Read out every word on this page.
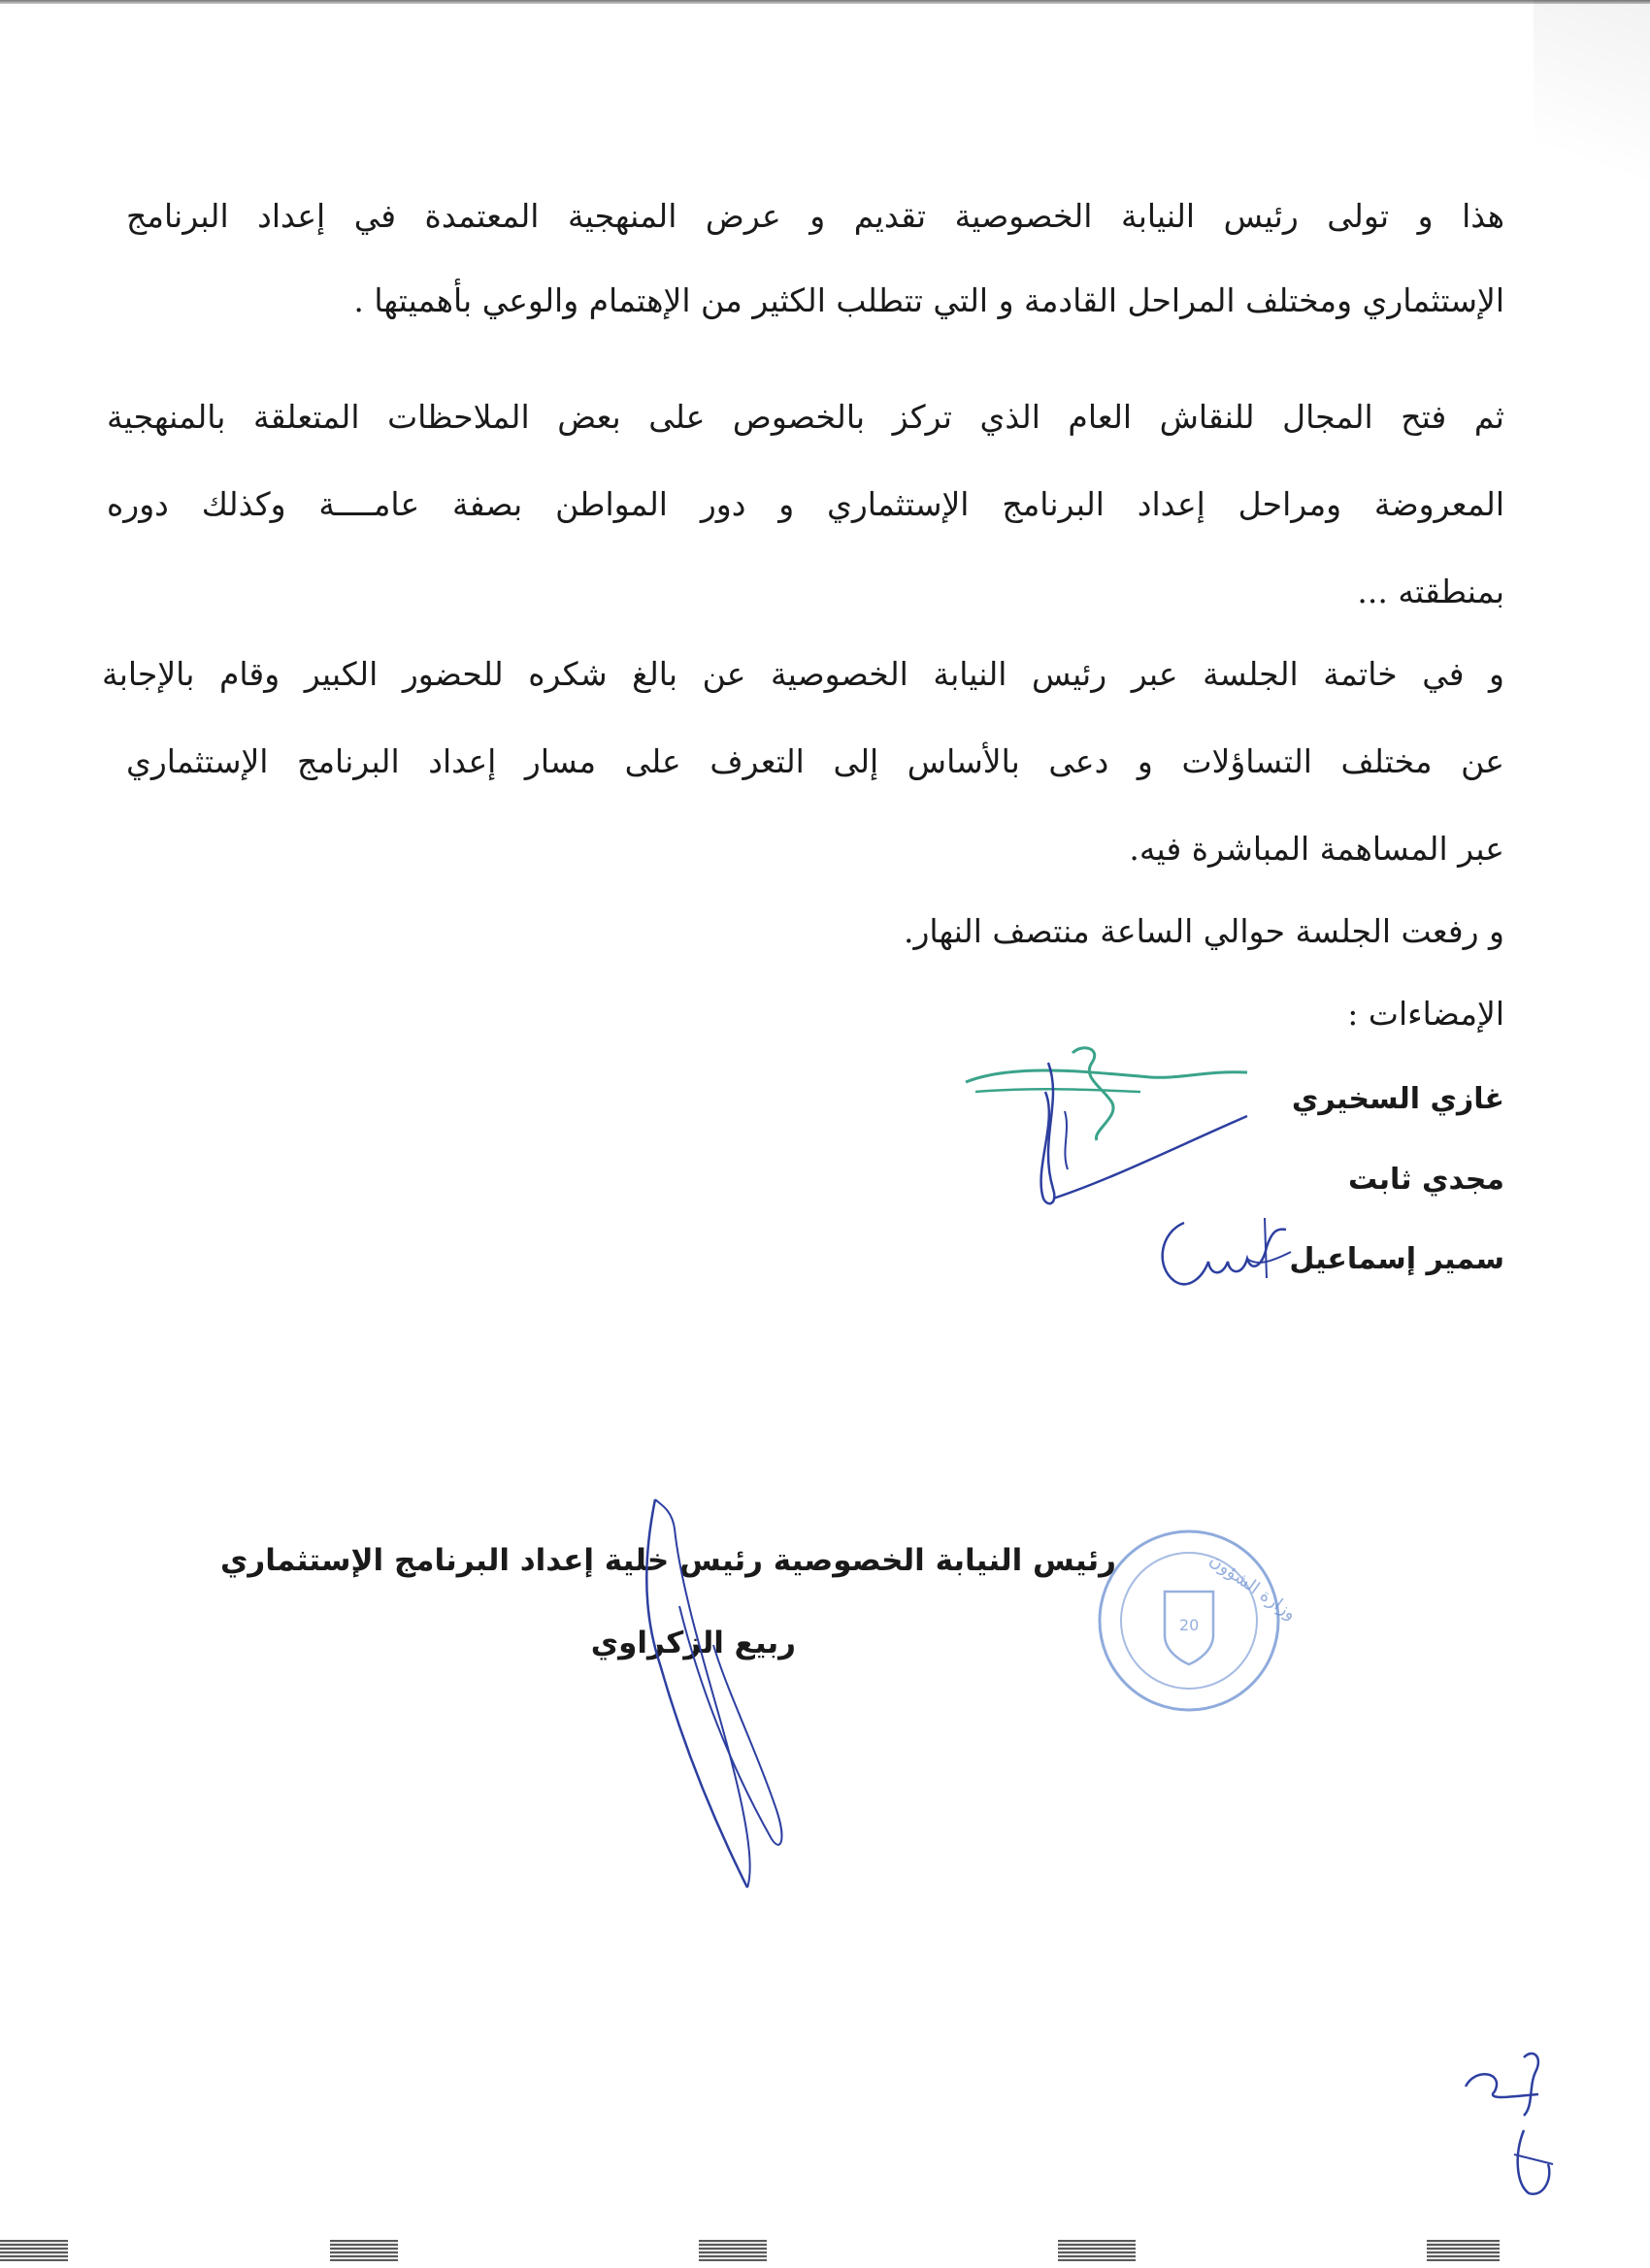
هذا و تولى رئيس النيابة الخصوصية تقديم و عرض المنهجية المعتمدة في إعداد البرنامج
الإستثماري ومختلف المراحل القادمة و التي تتطلب الكثير من الإهتمام والوعي بأهميتها .
ثم فتح المجال للنقاش العام الذي تركز بالخصوص على بعض الملاحظات المتعلقة بالمنهجية
المعروضة ومراحل إعداد البرنامج الإستثماري و دور المواطن بصفة عامــــة وكذلك دوره
بمنطقته ...
و في خاتمة الجلسة عبر رئيس النيابة الخصوصية عن بالغ شكره للحضور الكبير وقام بالإجابة
عن مختلف التساؤلات و دعى بالأساس إلى التعرف على مسار إعداد البرنامج الإستثماري
عبر المساهمة المباشرة فيه.
و رفعت الجلسة حوالي الساعة منتصف النهار.
الإمضاءات :
غازي السخيري
مجدي ثابت
سمير إسماعيل
رئيس النيابة الخصوصية رئيس خلية إعداد البرنامج الإستثماري
ربيع الزكراوي
20
وزارة الشؤون
